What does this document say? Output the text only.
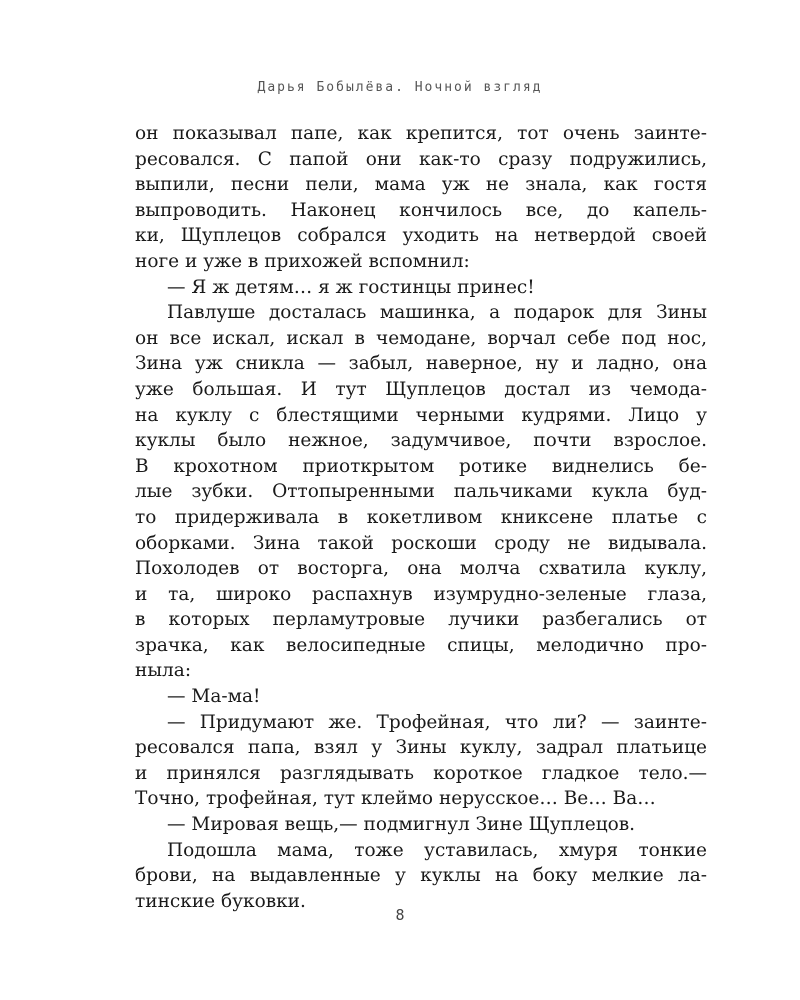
Дарья Бобылёва. Ночной взгляд
он показывал папе, как крепится, тот очень заинте-
ресовался. С папой они как-то сразу подружились,
выпили, песни пели, мама уж не знала, как гостя
выпроводить. Наконец кончилось все, до капель-
ки, Щуплецов собрался уходить на нетвердой своей
ноге и уже в прихожей вспомнил:
— Я ж детям… я ж гостинцы принес!
Павлуше досталась машинка, а подарок для Зины
он все искал, искал в чемодане, ворчал себе под нос,
Зина уж сникла — забыл, наверное, ну и ладно, она
уже большая. И тут Щуплецов достал из чемода-
на куклу с блестящими черными кудрями. Лицо у
куклы было нежное, задумчивое, почти взрослое.
В крохотном приоткрытом ротике виднелись бе-
лые зубки. Оттопыренными пальчиками кукла буд-
то придерживала в кокетливом книксене платье с
оборками. Зина такой роскоши сроду не видывала.
Похолодев от восторга, она молча схватила куклу,
и та, широко распахнув изумрудно-зеленые глаза,
в которых перламутровые лучики разбегались от
зрачка, как велосипедные спицы, мелодично про-
ныла:
— Ма-ма!
— Придумают же. Трофейная, что ли? — заинте-
ресовался папа, взял у Зины куклу, задрал платьице
и принялся разглядывать короткое гладкое тело.—
Точно, трофейная, тут клеймо нерусское… Ве… Ва…
— Мировая вещь,— подмигнул Зине Щуплецов.
Подошла мама, тоже уставилась, хмуря тонкие
брови, на выдавленные у куклы на боку мелкие ла-
тинские буковки.
8
